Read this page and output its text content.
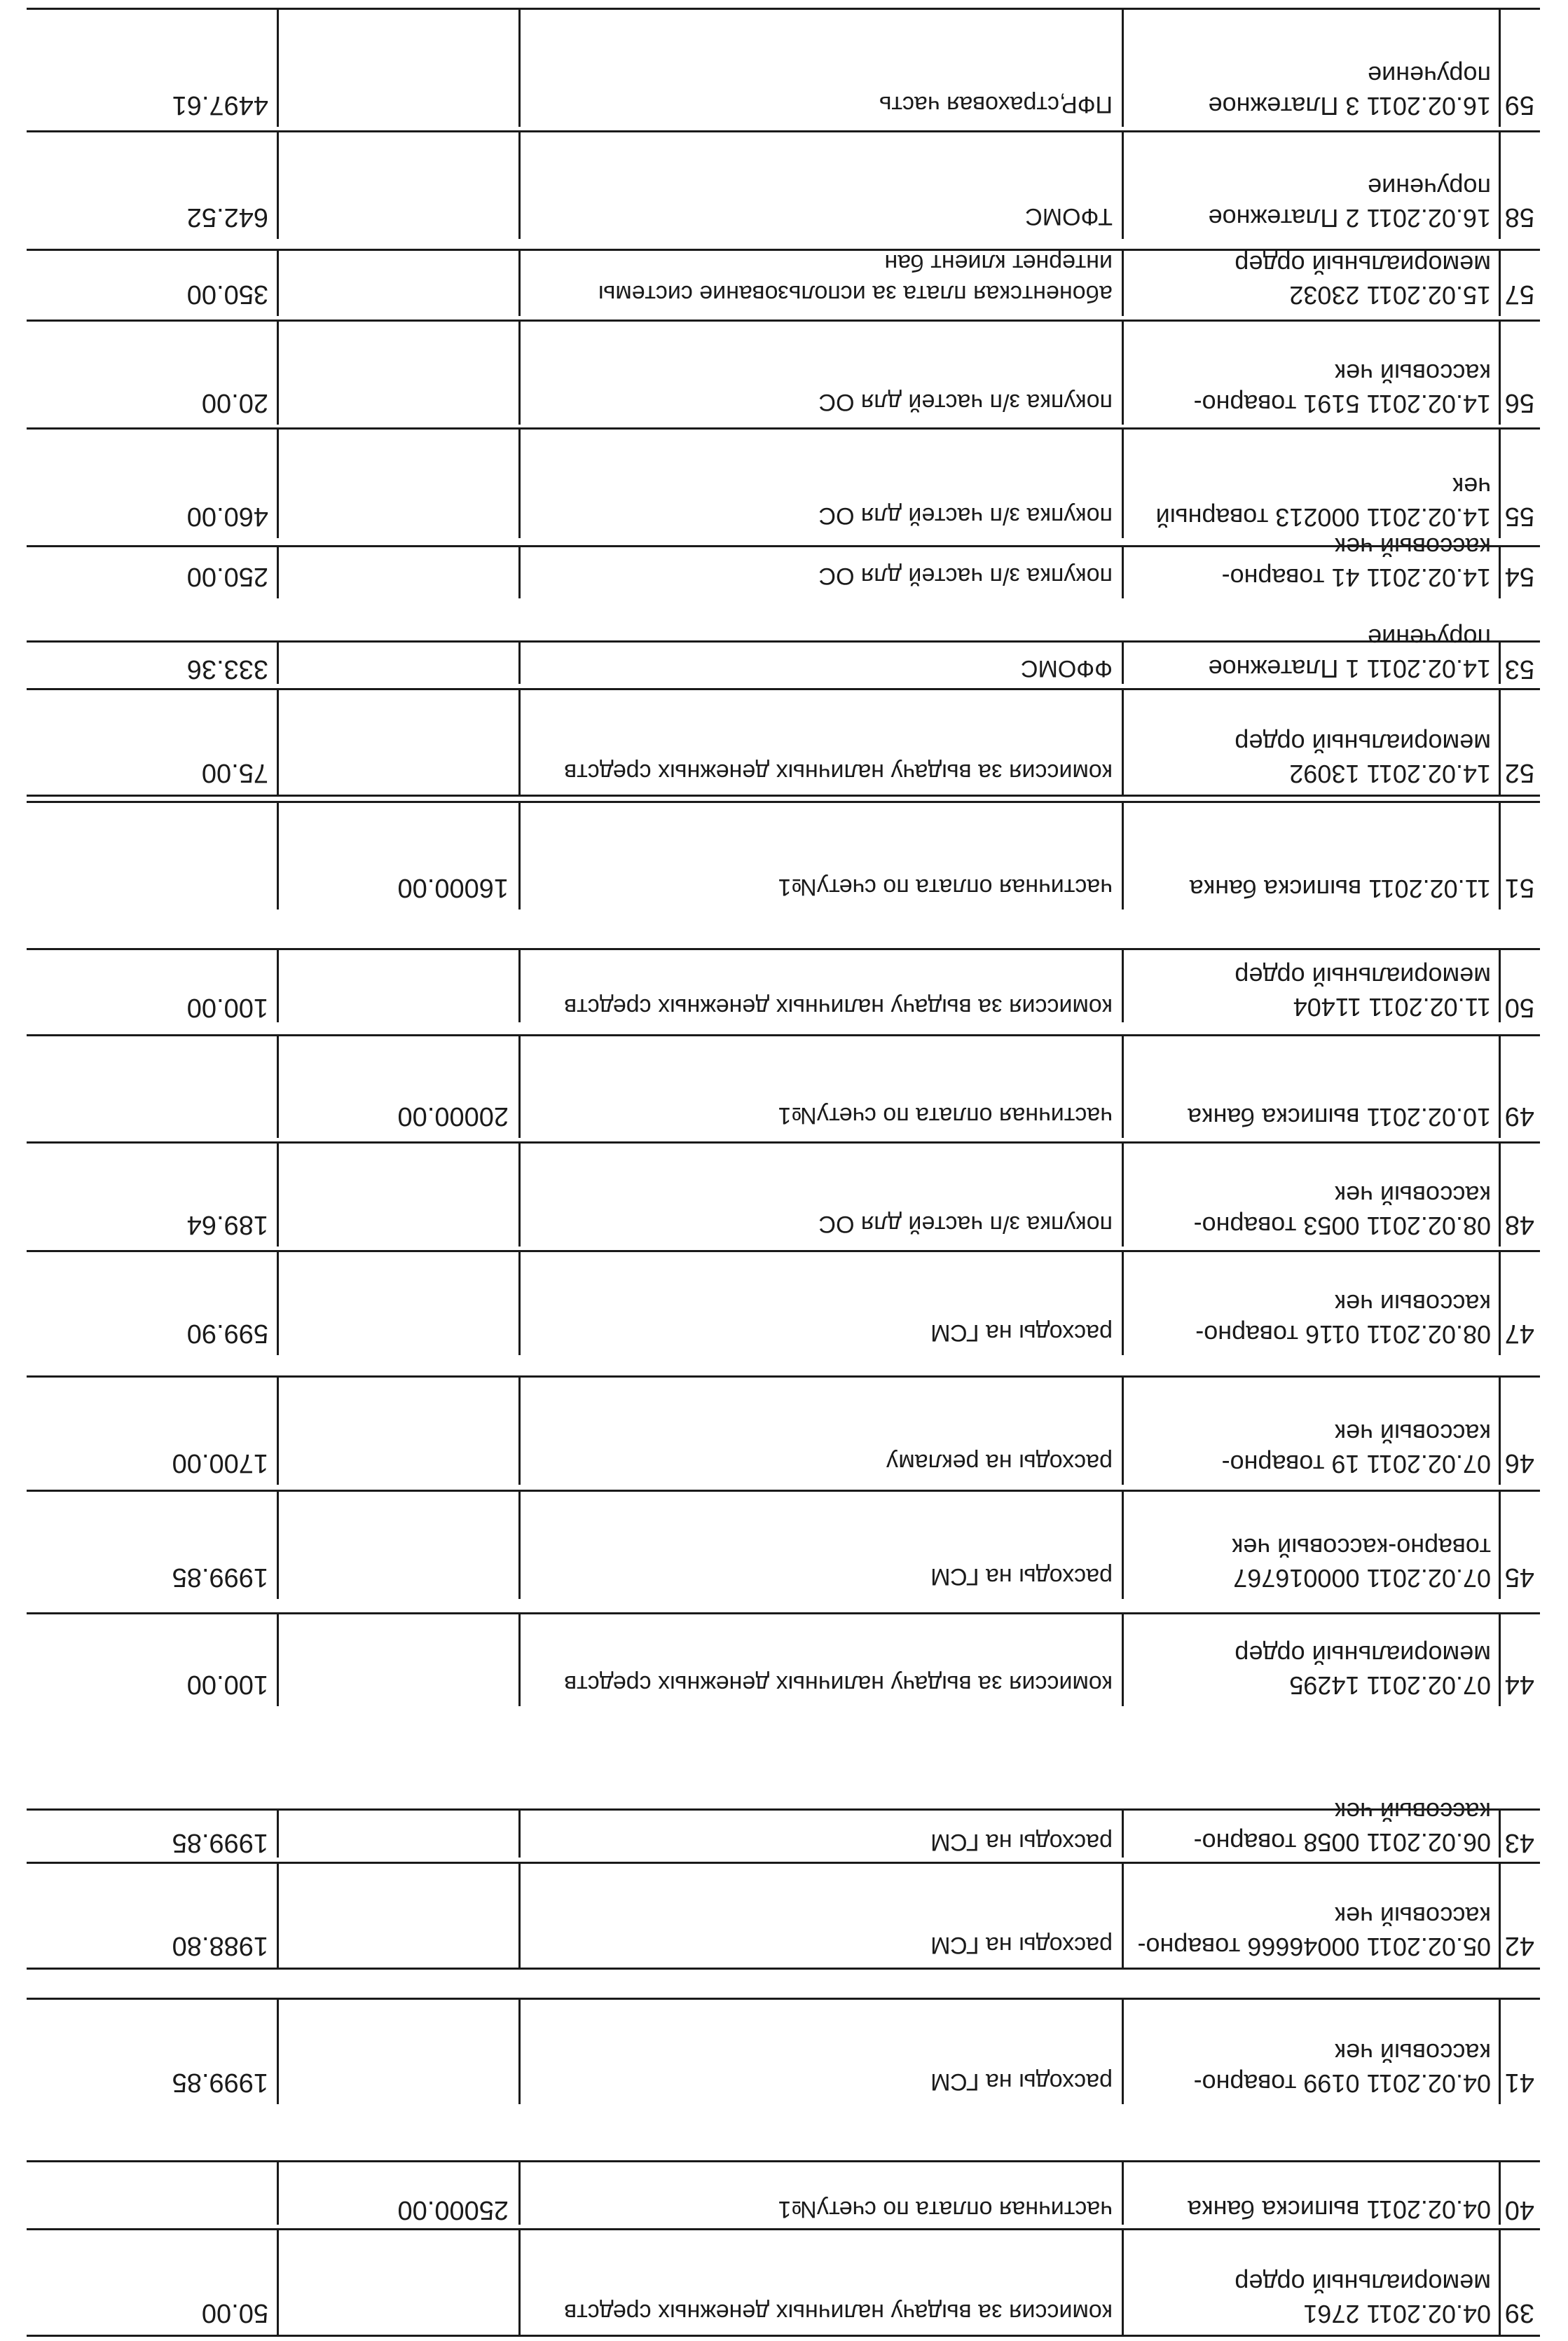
39
04.02.2011 2761 мемориальный ордер
комиссия за выдачу наличных денежных средств
50.00
40
04.02.2011 выписка банка
частичная оплата по счету№1
25000.00
41
04.02.2011 0199 товарно-кассовый чек
расходы на ГСМ
1999.85
42
05.02.2011 00046666 товарно-кассовый чек
расходы на ГСМ
1988.80
43
06.02.2011 0058 товарно-кассовый чек
расходы на ГСМ
1999.85
44
07.02.2011 14295 мемориальный ордер
комиссия за выдачу наличных денежных средств
100.00
45
07.02.2011 000016767 товарно-кассовый чек
расходы на ГСМ
1999.85
46
07.02.2011 19 товарно-кассовый чек
расходы на рекламу
1700.00
47
08.02.2011 0116 товарно-кассовыи чек
расходы на ГСМ
599.90
48
08.02.2011 0053 товарно-кассовый чек
покупка з/п частей для ОС
189.64
49
10.02.2011 выписка банка
частичная оплата по счету№1
20000.00
50
11.02.2011 11404 мемориальный ордер
комиссия за выдачу наличных денежных средств
100.00
51
11.02.2011 выписка банка
частичная оплата по счету№1
16000.00
52
14.02.2011 13092 мемориальный ордер
комиссия за выдачу наличных денежных средств
75.00
53
14.02.2011 1 Платежное поручение
ФФОМС
333.36
54
14.02.2011 41 товарно-кассовый чек
покупка з/п частей для ОС
250.00
55
14.02.2011 000213 товарный чек
покупка з/п частей для ОС
460.00
56
14.02.2011 5191 товарно-кассовый чек
покупка з/п частей для ОС
20.00
57
15.02.2011 23032 мемориальный ордер
абонентская плата за использование системы интернет клиент бан
350.00
58
16.02.2011 2 Платежное поручение
ТФОМС
642.52
59
16.02.2011 3 Платежное поручение
ПФР,страховая часть
4497.61
